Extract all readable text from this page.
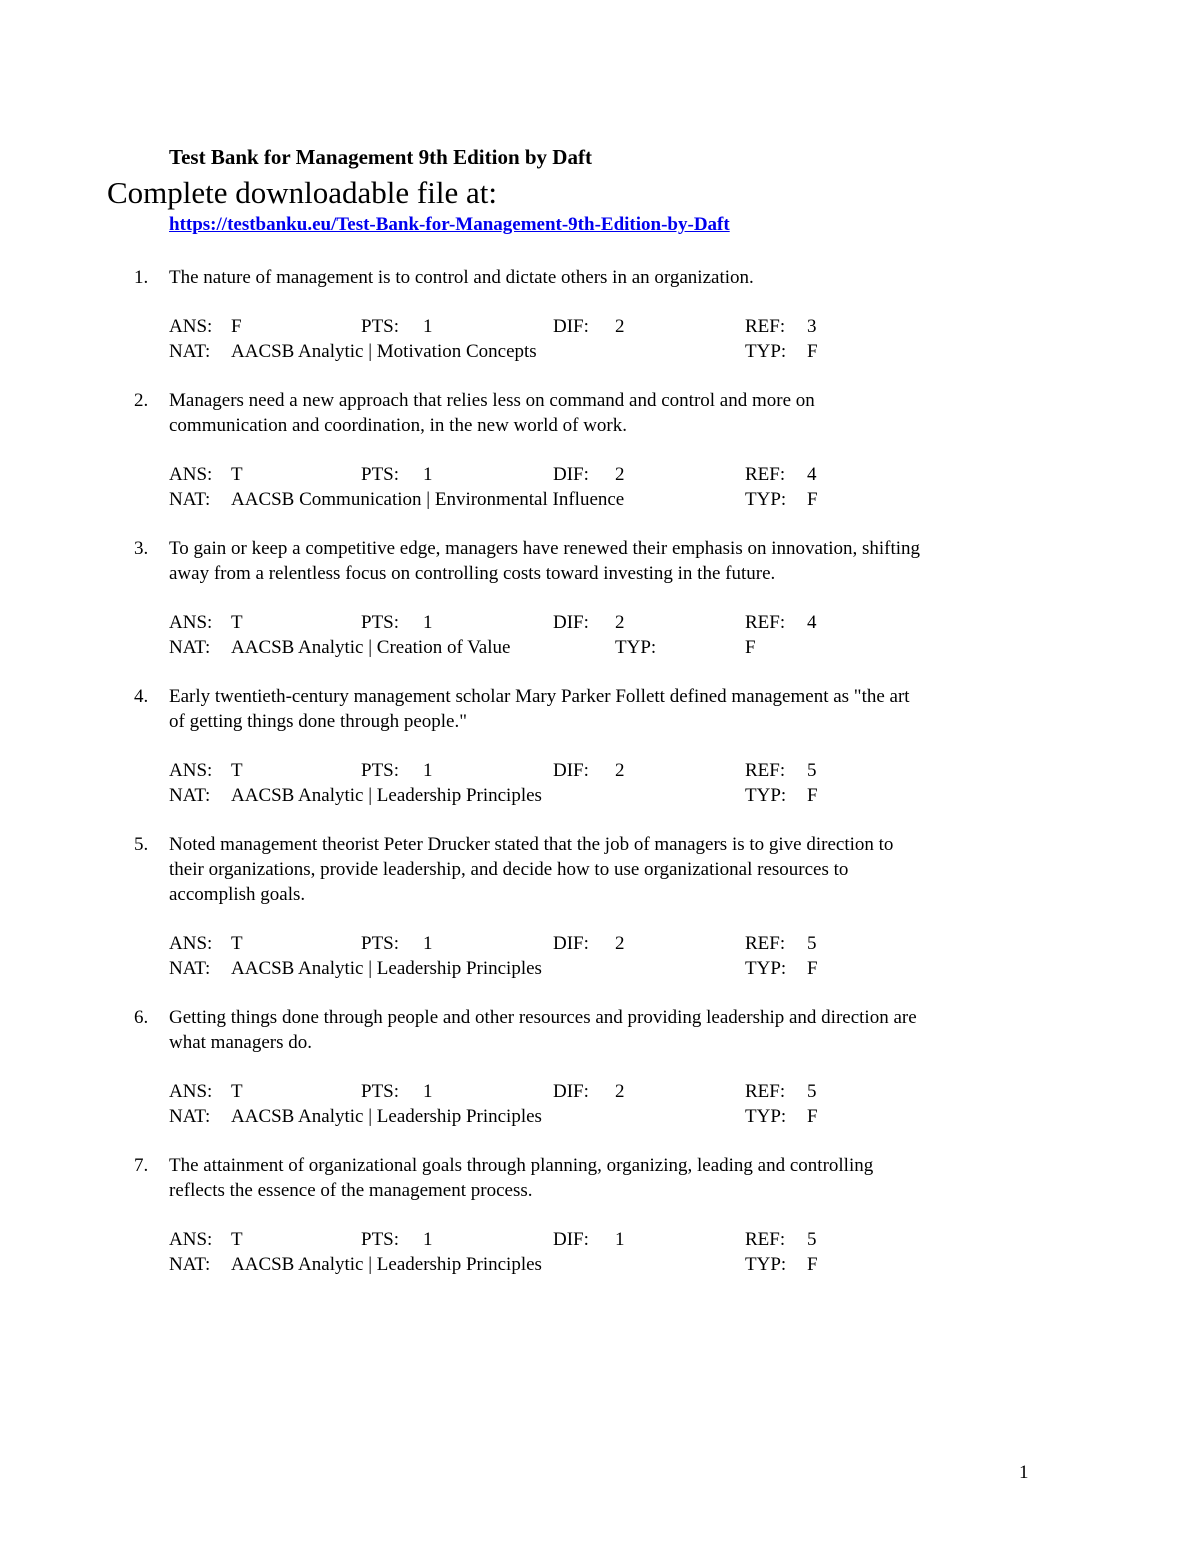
Test Bank for Management 9th Edition by Daft
Complete downloadable file at:
https://testbanku.eu/Test-Bank-for-Management-9th-Edition-by-Daft
1. The nature of management is to control and dictate others in an organization.
ANS: F	PTS: 1	DIF: 2	REF: 3
NAT: AACSB Analytic | Motivation Concepts	TYP: F
2. Managers need a new approach that relies less on command and control and more on
communication and coordination, in the new world of work.
ANS: T	PTS: 1	DIF: 2	REF: 4
NAT: AACSB Communication | Environmental Influence	TYP: F
3. To gain or keep a competitive edge, managers have renewed their emphasis on innovation, shifting
away from a relentless focus on controlling costs toward investing in the future.
ANS: T	PTS: 1	DIF: 2	REF: 4
NAT: AACSB Analytic | Creation of Value	TYP:	F
4. Early twentieth-century management scholar Mary Parker Follett defined management as "the art
of getting things done through people."
ANS: T	PTS: 1	DIF: 2	REF: 5
NAT: AACSB Analytic | Leadership Principles	TYP: F
5. Noted management theorist Peter Drucker stated that the job of managers is to give direction to
their organizations, provide leadership, and decide how to use organizational resources to
accomplish goals.
ANS: T	PTS: 1	DIF: 2	REF: 5
NAT: AACSB Analytic | Leadership Principles	TYP: F
6. Getting things done through people and other resources and providing leadership and direction are
what managers do.
ANS: T	PTS: 1	DIF: 2	REF: 5
NAT: AACSB Analytic | Leadership Principles	TYP: F
7. The attainment of organizational goals through planning, organizing, leading and controlling
reflects the essence of the management process.
ANS: T	PTS: 1	DIF: 1	REF: 5
NAT: AACSB Analytic | Leadership Principles	TYP: F
1
